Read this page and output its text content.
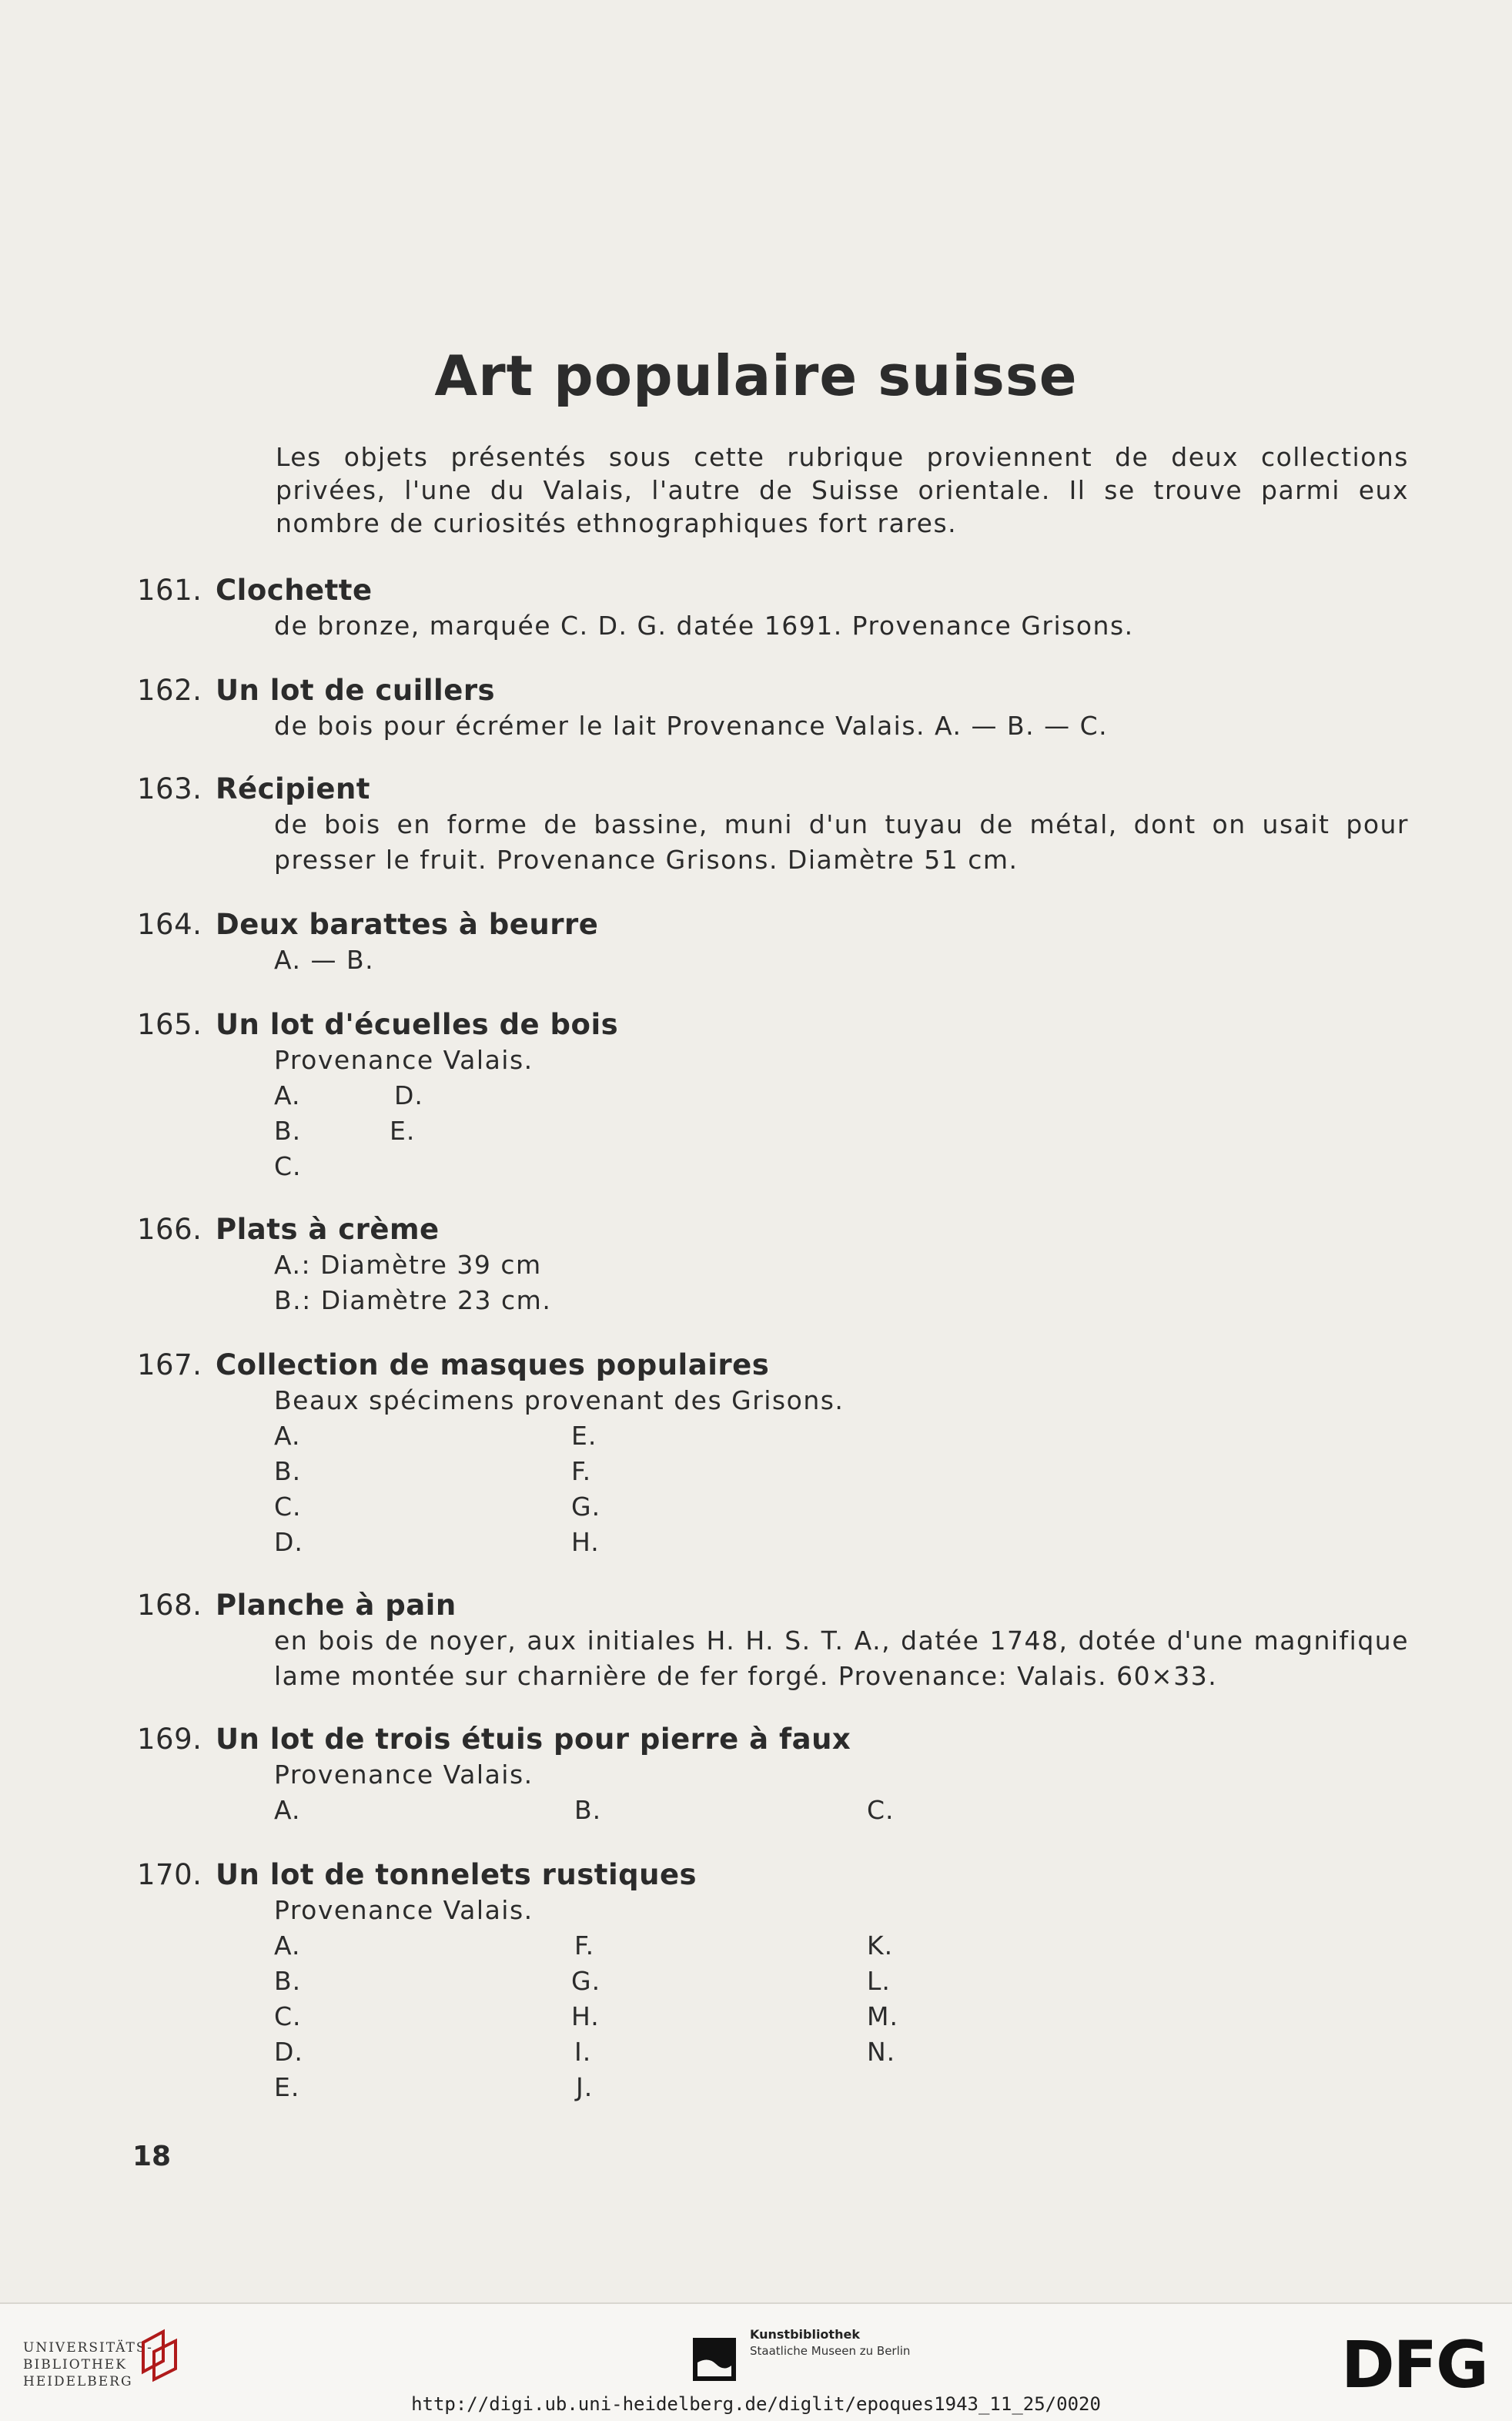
Art populaire suisse
Les objets présentés sous cette rubrique proviennent de deux collections privées, l'une du Valais, l'autre de Suisse orientale. Il se trouve parmi eux nombre de curiosités ethnographiques fort rares.
161. Clochette
de bronze, marquée C. D. G. datée 1691. Provenance Grisons.
162. Un lot de cuillers
de bois pour écrémer le lait Provenance Valais. A. — B. — C.
163. Récipient
de bois en forme de bassine, muni d'un tuyau de métal, dont on usait pour presser le fruit. Provenance Grisons. Diamètre 51 cm.
164. Deux barattes à beurre
A. — B.
165. Un lot d'écuelles de bois
Provenance Valais.
A.	D.
B.	E.
C.
166. Plats à crème
A.: Diamètre 39 cm
B.: Diamètre 23 cm.
167. Collection de masques populaires
Beaux spécimens provenant des Grisons.
A.	E.
B.	F.
C.	G.
D.	H.
168. Planche à pain
en bois de noyer, aux initiales H. H. S. T. A., datée 1748, dotée d'une magnifique lame montée sur charnière de fer forgé. Provenance: Valais. 60×33.
169. Un lot de trois étuis pour pierre à faux
Provenance Valais.
A.	B.	C.
170. Un lot de tonnelets rustiques
Provenance Valais.
A.	F.	K.
B.	G.	L.
C.	H.	M.
D.	I.	N.
E.	J.
18
UNIVERSITÄTS-
BIBLIOTHEK
HEIDELBERG
Kunstbibliothek
Staatliche Museen zu Berlin	DFG
http://digi.ub.uni-heidelberg.de/diglit/epoques1943_11_25/0020
